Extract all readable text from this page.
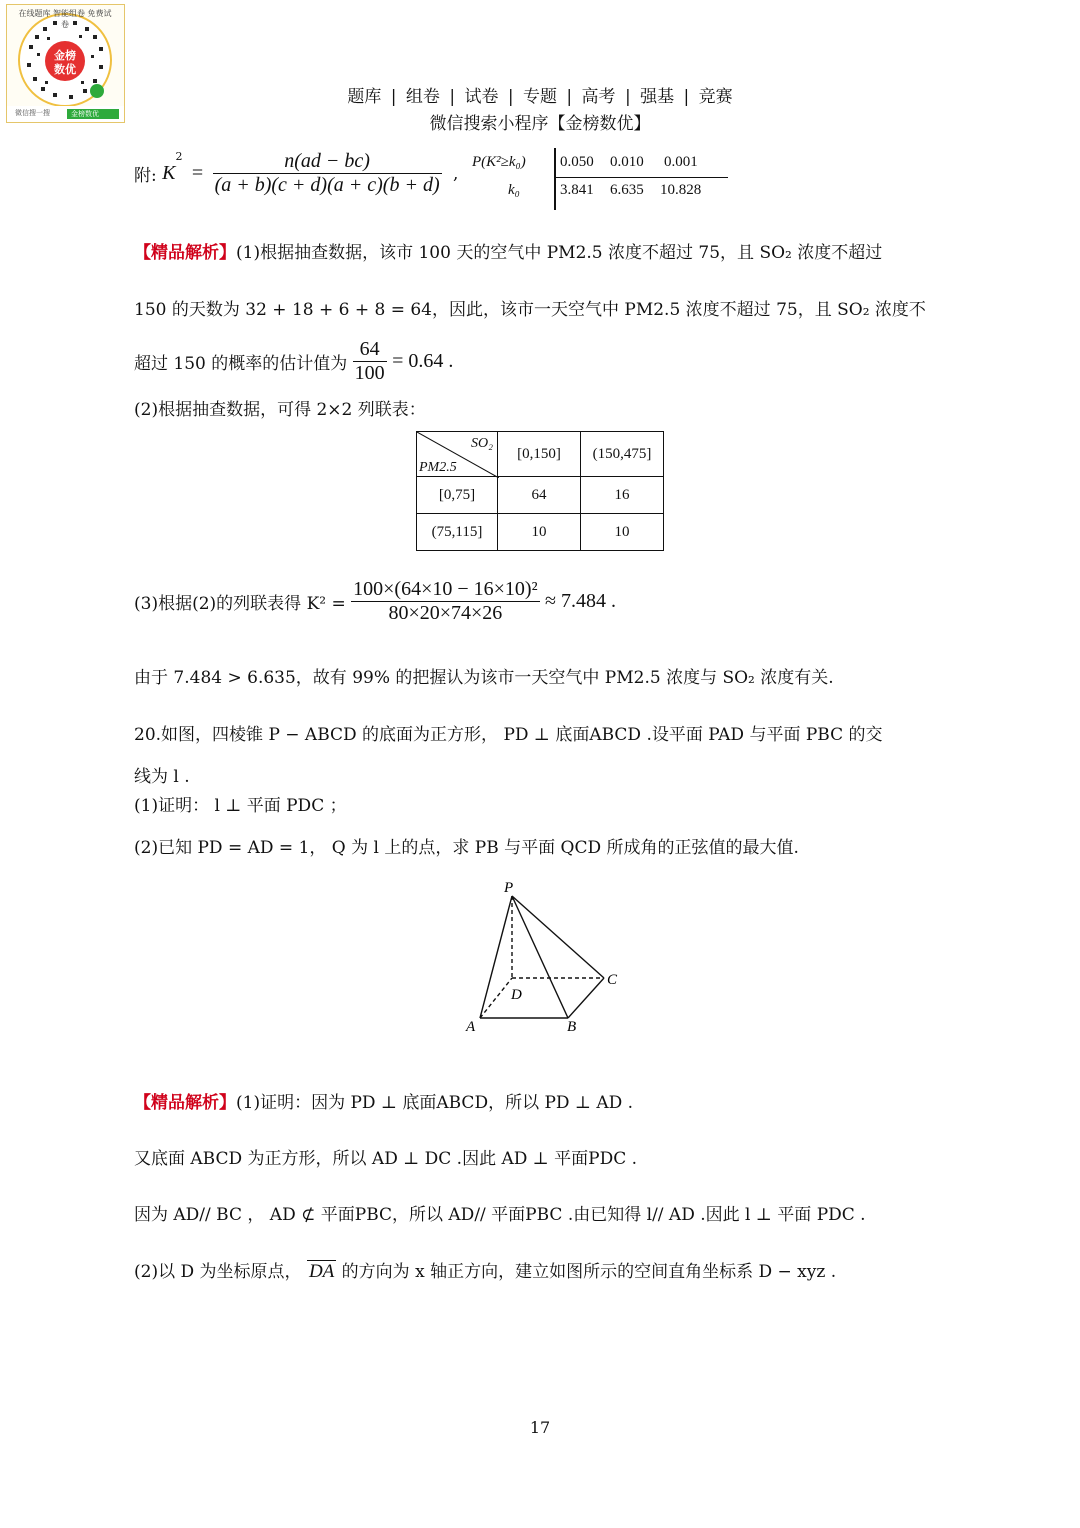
在线题库 智能组卷 免费试卷
金榜
数优
微信搜一搜	金榜数优
题库 | 组卷 | 试卷 | 专题 | 高考 | 强基 | 竞赛
微信搜索小程序【金榜数优】
附: $K^2 = \frac{n(ad - bc)}{(a + b)(c + d)(a + c)(b + d)}$ ,
P(K²≥k₀)
k₀
0.050 0.010 0.001
3.841 6.635 10.828
【精品解析】(1)根据抽查数据，该市 100 天的空气中 PM2.5 浓度不超过 75，且 SO₂ 浓度不超过
150 的天数为 32 + 18 + 6 + 8 = 64，因此，该市一天空气中 PM2.5 浓度不超过 75，且 SO₂ 浓度不
超过 150 的概率的估计值为 $\frac{64}{100} = 0.64$ .
(2)根据抽查数据，可得 2×2 列联表：
SO₂
PM2.5	[0,150]	(150,475]
[0,75]	64	16
(75,115]	10	10
(3)根据(2)的列联表得 $K^2 = \frac{\text{100×(64×10 − 16×10)²}}{80\times 20\times 74\times 26} \approx 7.484$ .
由于 7.484 > 6.635，故有 99% 的把握认为该市一天空气中 PM2.5 浓度与 SO₂ 浓度有关.
20.如图，四棱锥 P − ABCD 的底面为正方形， PD ⊥ 底面ABCD .设平面 PAD 与平面 PBC 的交
线为 l .
(1)证明： l ⊥ 平面 PDC ；
(2)已知 PD = AD = 1， Q 为 l 上的点，求 PB 与平面 QCD 所成角的正弦值的最大值.
P
D
C
A	B
【精品解析】(1)证明：因为 PD ⊥ 底面ABCD，所以 PD ⊥ AD .
又底面 ABCD 为正方形，所以 AD ⊥ DC .因此 AD ⊥ 平面PDC .
因为 AD// BC ， AD ⊄ 平面PBC，所以 AD// 平面PBC .由已知得 l// AD .因此 l ⊥ 平面 PDC .
(2)以 D 为坐标原点， DA 的方向为 x 轴正方向，建立如图所示的空间直角坐标系 D − xyz .
17
